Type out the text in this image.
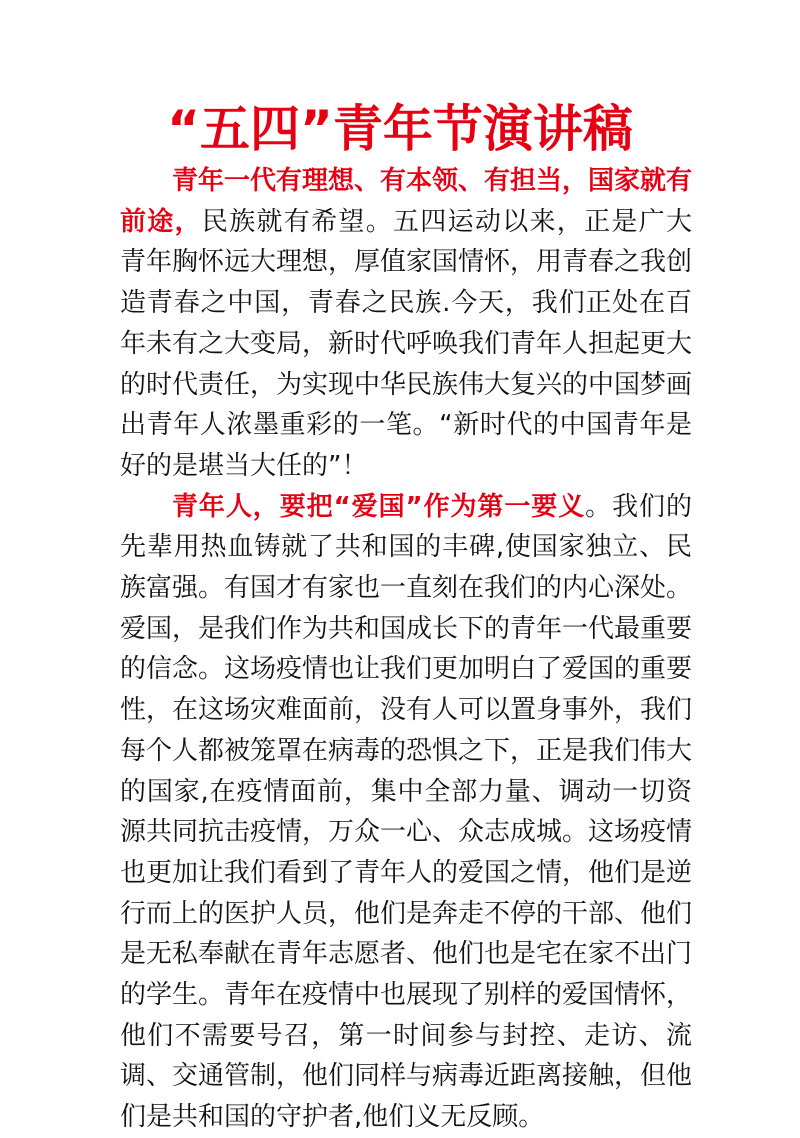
“五四”青年节演讲稿

青年一代有理想、有本领、有担当，国家就有前途，民族就有希望。五四运动以来，正是广大青年胸怀远大理想，厚值家国情怀，用青春之我创造青春之中国，青春之民族.今天，我们正处在百年未有之大变局，新时代呼唤我们青年人担起更大的时代责任，为实现中华民族伟大复兴的中国梦画出青年人浓墨重彩的一笔。“新时代的中国青年是好的是堪当大任的”！

青年人，要把“爱国”作为第一要义。我们的先辈用热血铸就了共和国的丰碑,使国家独立、民族富强。有国才有家也一直刻在我们的内心深处。爱国，是我们作为共和国成长下的青年一代最重要的信念。这场疫情也让我们更加明白了爱国的重要性，在这场灾难面前，没有人可以置身事外，我们每个人都被笼罩在病毒的恐惧之下，正是我们伟大的国家,在疫情面前，集中全部力量、调动一切资源共同抗击疫情，万众一心、众志成城。这场疫情也更加让我们看到了青年人的爱国之情，他们是逆行而上的医护人员，他们是奔走不停的干部、他们是无私奉献在青年志愿者、他们也是宅在家不出门的学生。青年在疫情中也展现了别样的爱国情怀，他们不需要号召，第一时间参与封控、走访、流调、交通管制，他们同样与病毒近距离接触，但他们是共和国的守护者,他们义无反顾。
